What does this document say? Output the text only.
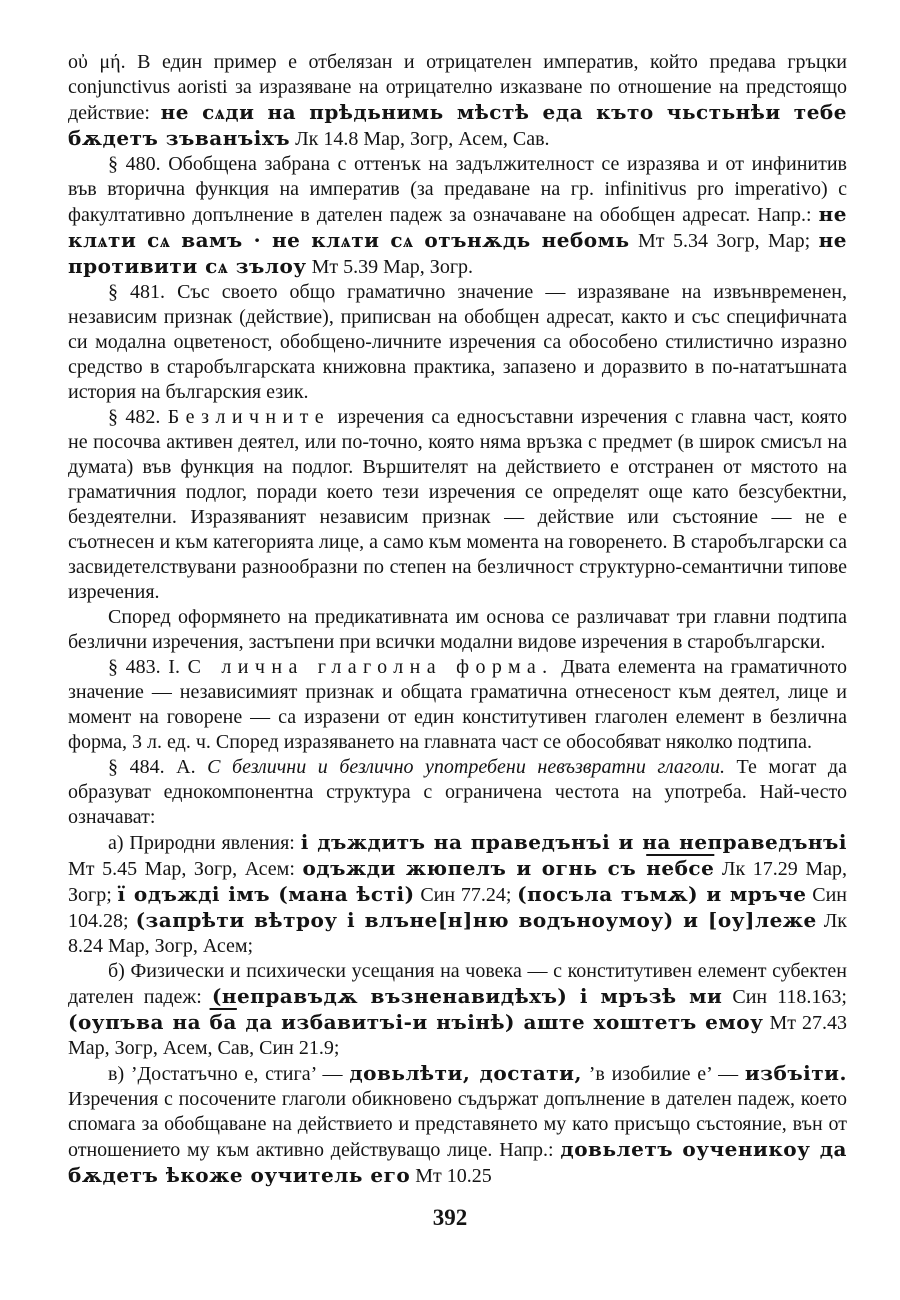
οὐ μή. В един пример е отбелязан и отрицателен императив, който предава гръцки conjunctivus aoristi за изразяване на отрицателно изказване по отношение на предстоящо действие: не сѧди на прѣдьнимь мѣстѣ еда къто чьстьнѣи тебе бѫдетъ зъванъіхъ Лк 14.8 Мар, Зогр, Асем, Сав.

§ 480. Обобщена забрана с оттенък на задължителност се изразява и от инфинитив във вторична функция на императив (за предаване на гр. infinitivus pro imperativo) с факултативно допълнение в дателен падеж за означаване на обобщен адресат. Напр.: не клѧти сѧ вамъ · не клѧти сѧ отънѫдь небомь Мт 5.34 Зогр, Мар; не противити сѧ зълоу Мт 5.39 Мар, Зогр.

§ 481. Със своето общо граматично значение — изразяване на извънвременен, независим признак (действие), приписван на обобщен адресат, както и със специфичната си модална оцветеност, обобщено-личните изречения са обособено стилистично изразно средство в старобългарската книжовна практика, запазено и доразвито в по-нататъшната история на българския език.

§ 482. Безличните изречения са едносъставни изречения с главна част, която не посочва активен деятел, или по-точно, която няма връзка с предмет (в широк смисъл на думата) във функция на подлог. Вършителят на действието е отстранен от мястото на граматичния подлог, поради което тези изречения се определят още като безсубектни, бездеятелни. Изразяваният независим признак — действие или състояние — не е съотнесен и към категорията лице, а само към момента на говоренето. В старобългарски са засвидетелствувани разнообразни по степен на безличност структурно-семантични типове изречения.

Според оформянето на предикативната им основа се различават три главни подтипа безлични изречения, застъпени при всички модални видове изречения в старобългарски.

§ 483. I. С лична глаголна форма. Двата елемента на граматичното значение — независимият признак и общата граматична отнесеност към деятел, лице и момент на говорене — са изразени от един конститутивен глаголен елемент в безлична форма, 3 л. ед. ч. Според изразяването на главната част се обособяват няколко подтипа.

§ 484. А. С безлични и безлично употребени невъзвратни глаголи. Те могат да образуват еднокомпонентна структура с ограничена честота на употреба. Най-често означават:

а) Природни явления: і дъждитъ на праведънъі и на неправедънъі Мт 5.45 Мар, Зогр, Асем: одъжди жюпелъ и огнь съ небсе Лк 17.29 Мар, Зогр; ї одъжді імъ (мана ѣсті) Син 77.24; (посъла тъмѫ) и мръче Син 104.28; (запрѣти вѣтроу і влъне[н]ню водъноумоу) и [оу]леже Лк 8.24 Мар, Зогр, Асем;

б) Физически и психически усещания на човека — с конститутивен елемент субектен дателен падеж: (неправъдѫ възненавидѣхъ) і мръзѣ ми Син 118.163; (оупъва на ба да избавитъі-и нъінѣ) аште хоштетъ емоу Мт 27.43 Мар, Зогр, Асем, Сав, Син 21.9;

в) ’Достатъчно е, стига’ — довьлѣти, достати, ’в изобилие е’ — избъіти. Изречения с посочените глаголи обикновено съдържат допълнение в дателен падеж, което спомага за обобщаване на действието и представянето му като присъщо състояние, вън от отношението му към активно действуващо лице. Напр.: довьлетъ оученикоу да бѫдетъ ѣкоже оучитель его Мт 10.25

392
